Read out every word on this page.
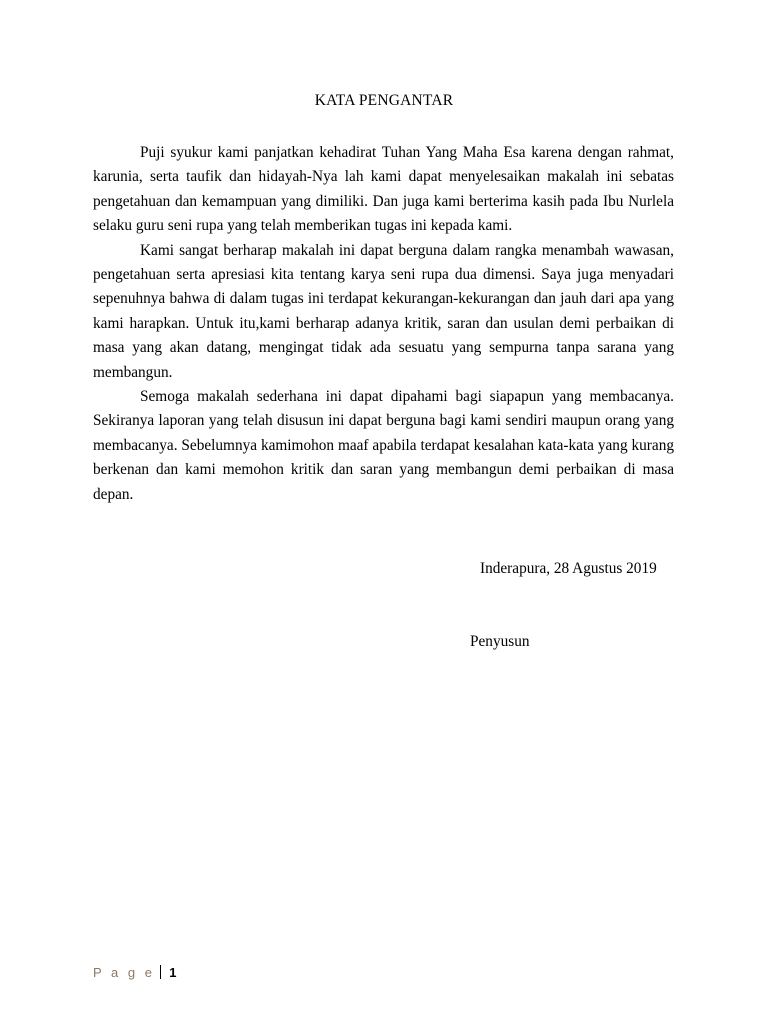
KATA PENGANTAR

Puji syukur kami panjatkan kehadirat Tuhan Yang Maha Esa karena dengan rahmat, karunia, serta taufik dan hidayah-Nya lah kami dapat menyelesaikan makalah ini sebatas pengetahuan dan kemampuan yang dimiliki. Dan juga kami berterima kasih pada Ibu Nurlela selaku guru seni rupa yang telah memberikan tugas ini kepada kami.

Kami sangat berharap makalah ini dapat berguna dalam rangka menambah wawasan, pengetahuan serta apresiasi kita tentang karya seni rupa dua dimensi. Saya juga menyadari sepenuhnya bahwa di dalam tugas ini terdapat kekurangan-kekurangan dan jauh dari apa yang kami harapkan. Untuk itu,kami berharap adanya kritik, saran dan usulan demi perbaikan di masa yang akan datang, mengingat tidak ada sesuatu yang sempurna tanpa sarana yang membangun.

Semoga makalah sederhana ini dapat dipahami bagi siapapun yang membacanya. Sekiranya laporan yang telah disusun ini dapat berguna bagi kami sendiri maupun orang yang membacanya. Sebelumnya kamimohon maaf apabila terdapat kesalahan kata-kata yang kurang berkenan dan kami memohon kritik dan saran yang membangun demi perbaikan di masa depan.

Inderapura, 28 Agustus 2019
Penyusun
P a g e 1
